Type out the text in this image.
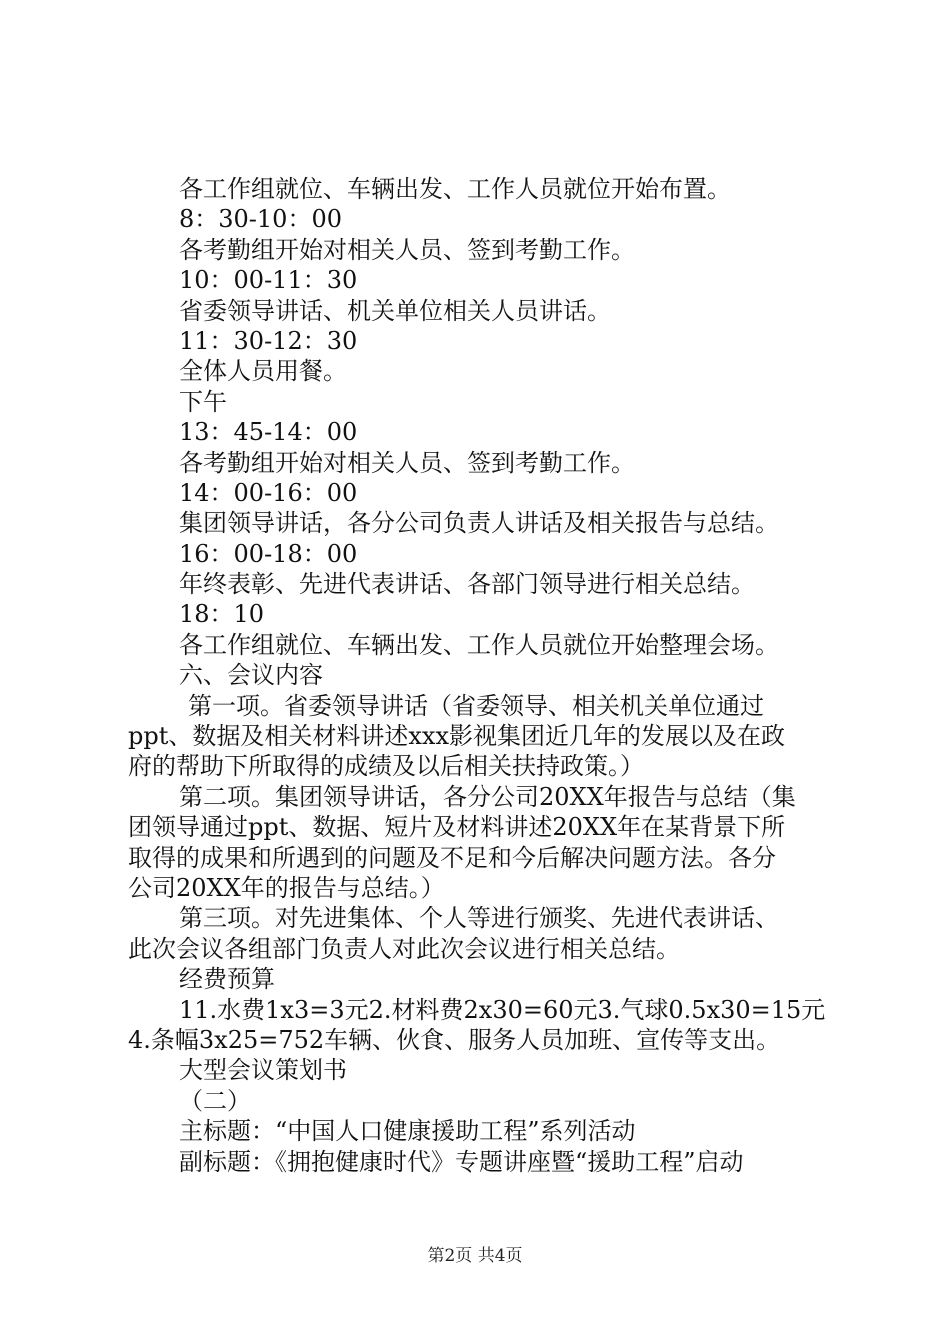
各工作组就位、车辆出发、工作人员就位开始布置。
8：30-10：00
各考勤组开始对相关人员、签到考勤工作。
10：00-11：30
省委领导讲话、机关单位相关人员讲话。
11：30-12：30
全体人员用餐。
下午
13：45-14：00
各考勤组开始对相关人员、签到考勤工作。
14：00-16：00
集团领导讲话，各分公司负责人讲话及相关报告与总结。
16：00-18：00
年终表彰、先进代表讲话、各部门领导进行相关总结。
18：10
各工作组就位、车辆出发、工作人员就位开始整理会场。
六、会议内容
第一项。省委领导讲话（省委领导、相关机关单位通过
ppt、数据及相关材料讲述xxx影视集团近几年的发展以及在政
府的帮助下所取得的成绩及以后相关扶持政策。）
第二项。集团领导讲话，各分公司20XX年报告与总结（集
团领导通过ppt、数据、短片及材料讲述20XX年在某背景下所
取得的成果和所遇到的问题及不足和今后解决问题方法。各分
公司20XX年的报告与总结。）
第三项。对先进集体、个人等进行颁奖、先进代表讲话、
此次会议各组部门负责人对此次会议进行相关总结。
经费预算
11.水费1x3=3元2.材料费2x30=60元3.气球0.5x30=15元
4.条幅3x25=752车辆、伙食、服务人员加班、宣传等支出。
大型会议策划书
（二）
主标题：“中国人口健康援助工程”系列活动
副标题：《拥抱健康时代》专题讲座暨“援助工程”启动
第2页 共4页
